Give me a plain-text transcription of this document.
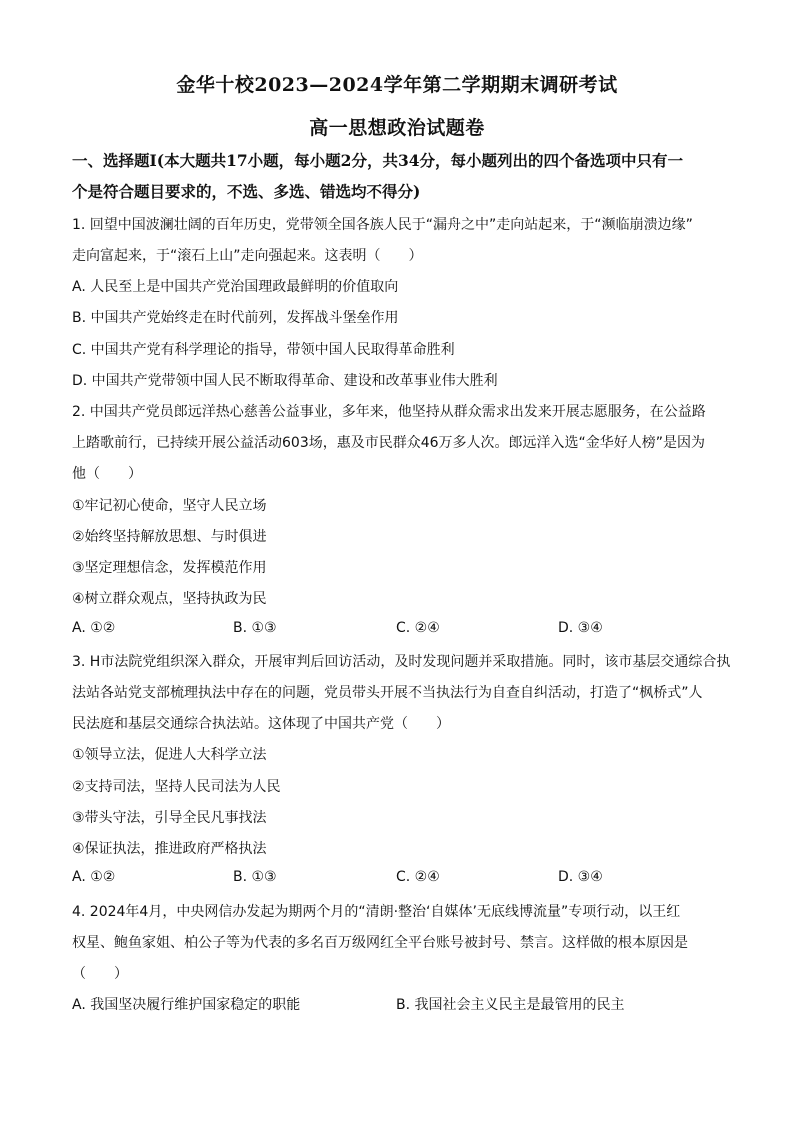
金华十校2023—2024学年第二学期期末调研考试
高一思想政治试题卷
一、选择题Ⅰ(本大题共17小题，每小题2分，共34分，每小题列出的四个备选项中只有一
个是符合题目要求的，不选、多选、错选均不得分)
1. 回望中国波澜壮阔的百年历史，党带领全国各族人民于“漏舟之中”走向站起来，于“濒临崩溃边缘”
走向富起来，于“滚石上山”走向强起来。这表明（　　）
A. 人民至上是中国共产党治国理政最鲜明的价值取向
B. 中国共产党始终走在时代前列，发挥战斗堡垒作用
C. 中国共产党有科学理论的指导，带领中国人民取得革命胜利
D. 中国共产党带领中国人民不断取得革命、建设和改革事业伟大胜利
2. 中国共产党员郎远洋热心慈善公益事业，多年来，他坚持从群众需求出发来开展志愿服务，在公益路
上踏歌前行，已持续开展公益活动603场，惠及市民群众46万多人次。郎远洋入选“金华好人榜”是因为
他（　　）
①牢记初心使命，坚守人民立场
②始终坚持解放思想、与时俱进
③坚定理想信念，发挥模范作用
④树立群众观点，坚持执政为民
A. ①②	B. ①③	C. ②④	D. ③④
3. H市法院党组织深入群众，开展审判后回访活动，及时发现问题并采取措施。同时，该市基层交通综合执
法站各站党支部梳理执法中存在的问题，党员带头开展不当执法行为自查自纠活动，打造了“枫桥式”人
民法庭和基层交通综合执法站。这体现了中国共产党（　　）
①领导立法，促进人大科学立法
②支持司法，坚持人民司法为人民
③带头守法，引导全民凡事找法
④保证执法，推进政府严格执法
A. ①②	B. ①③	C. ②④	D. ③④
4. 2024年4月，中央网信办发起为期两个月的“清朗·整治‘自媒体’无底线博流量”专项行动，以王红
权星、鲍鱼家姐、柏公子等为代表的多名百万级网红全平台账号被封号、禁言。这样做的根本原因是
（　　）
A. 我国坚决履行维护国家稳定的职能	B. 我国社会主义民主是最管用的民主
